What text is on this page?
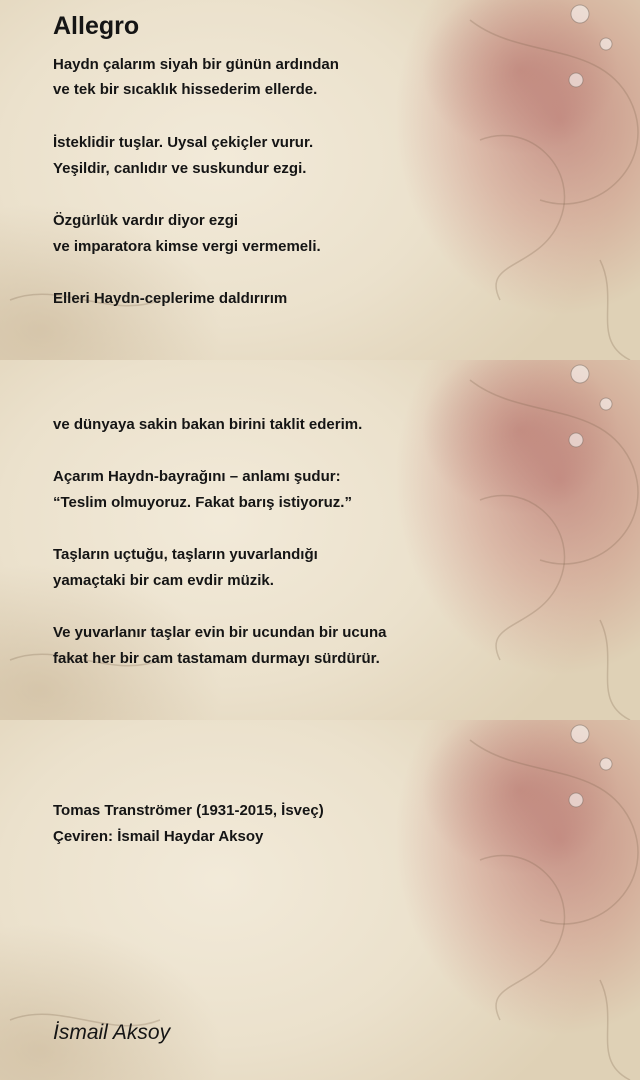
Allegro

Haydn çalarım siyah bir günün ardından

ve tek bir sıcaklık hissederim ellerde.

İsteklidir tuşlar. Uysal çekiçler vurur.

Yeşildir, canlıdır ve suskundur ezgi.

Özgürlük vardır diyor ezgi

ve imparatora kimse vergi vermemeli.

Elleri Haydn-ceplerime daldırırım

ve dünyaya sakin bakan birini taklit ederim.

Açarım Haydn-bayrağını – anlamı şudur:

“Teslim olmuyoruz. Fakat barış istiyoruz.”

Taşların uçtuğu, taşların yuvarlandığı

yamaçtaki bir cam evdir müzik.

Ve yuvarlanır taşlar evin bir ucundan bir ucuna

fakat her bir cam tastamam durmayı sürdürür.

Tomas Tranströmer (1931-2015, İsveç)

Çeviren: İsmail Haydar Aksoy

İsmail Aksoy
